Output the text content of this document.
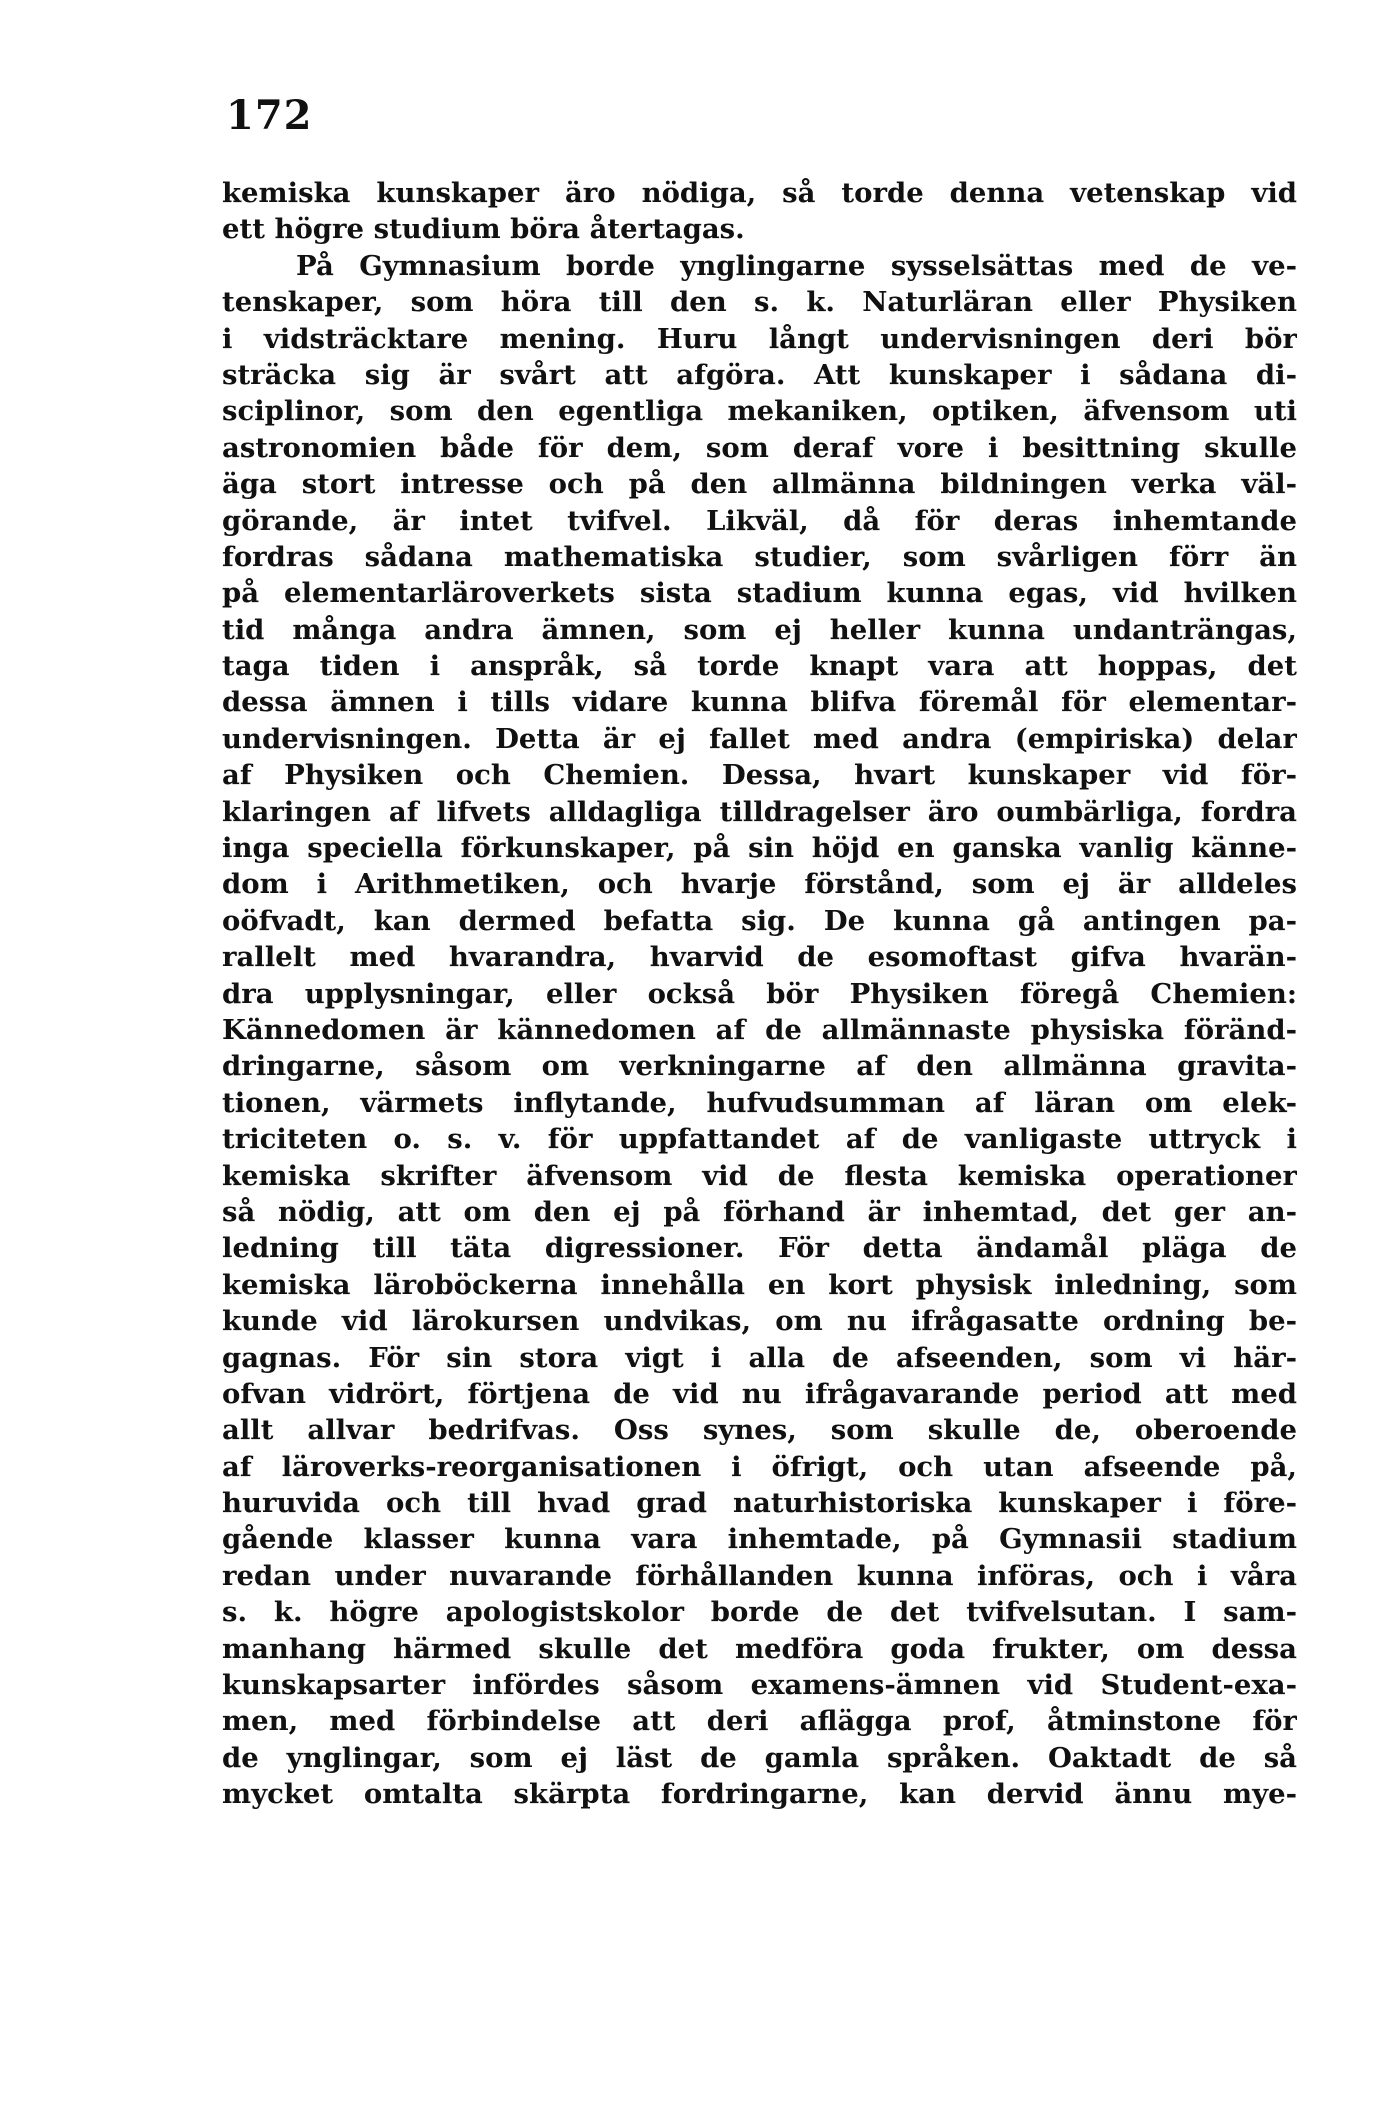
172
kemiska kunskaper äro nödiga, så torde denna vetenskap vid
ett högre studium böra återtagas.
På Gymnasium borde ynglingarne sysselsättas med de ve-
tenskaper, som höra till den s. k. Naturläran eller Physiken
i vidsträcktare mening. Huru långt undervisningen deri bör
sträcka sig är svårt att afgöra. Att kunskaper i sådana di-
sciplinor, som den egentliga mekaniken, optiken, äfvensom uti
astronomien både för dem, som deraf vore i besittning skulle
äga stort intresse och på den allmänna bildningen verka väl-
görande, är intet tvifvel. Likväl, då för deras inhemtande
fordras sådana mathematiska studier, som svårligen förr än
på elementarläroverkets sista stadium kunna egas, vid hvilken
tid många andra ämnen, som ej heller kunna undanträngas,
taga tiden i anspråk, så torde knapt vara att hoppas, det
dessa ämnen i tills vidare kunna blifva föremål för elementar-
undervisningen. Detta är ej fallet med andra (empiriska) delar
af Physiken och Chemien. Dessa, hvart kunskaper vid för-
klaringen af lifvets alldagliga tilldragelser äro oumbärliga, fordra
inga speciella förkunskaper, på sin höjd en ganska vanlig känne-
dom i Arithmetiken, och hvarje förstånd, som ej är alldeles
oöfvadt, kan dermed befatta sig. De kunna gå antingen pa-
rallelt med hvarandra, hvarvid de esomoftast gifva hvarän-
dra upplysningar, eller också bör Physiken föregå Chemien:
Kännedomen är kännedomen af de allmännaste physiska föränd-
dringarne, såsom om verkningarne af den allmänna gravita-
tionen, värmets inflytande, hufvudsumman af läran om elek-
triciteten o. s. v. för uppfattandet af de vanligaste uttryck i
kemiska skrifter äfvensom vid de flesta kemiska operationer
så nödig, att om den ej på förhand är inhemtad, det ger an-
ledning till täta digressioner. För detta ändamål pläga de
kemiska läroböckerna innehålla en kort physisk inledning, som
kunde vid lärokursen undvikas, om nu ifrågasatte ordning be-
gagnas. För sin stora vigt i alla de afseenden, som vi här-
ofvan vidrört, förtjena de vid nu ifrågavarande period att med
allt allvar bedrifvas. Oss synes, som skulle de, oberoende
af läroverks-reorganisationen i öfrigt, och utan afseende på,
huruvida och till hvad grad naturhistoriska kunskaper i före-
gående klasser kunna vara inhemtade, på Gymnasii stadium
redan under nuvarande förhållanden kunna införas, och i våra
s. k. högre apologistskolor borde de det tvifvelsutan. I sam-
manhang härmed skulle det medföra goda frukter, om dessa
kunskapsarter infördes såsom examens-ämnen vid Student-exa-
men, med förbindelse att deri aflägga prof, åtminstone för
de ynglingar, som ej läst de gamla språken. Oaktadt de så
mycket omtalta skärpta fordringarne, kan dervid ännu mye-
